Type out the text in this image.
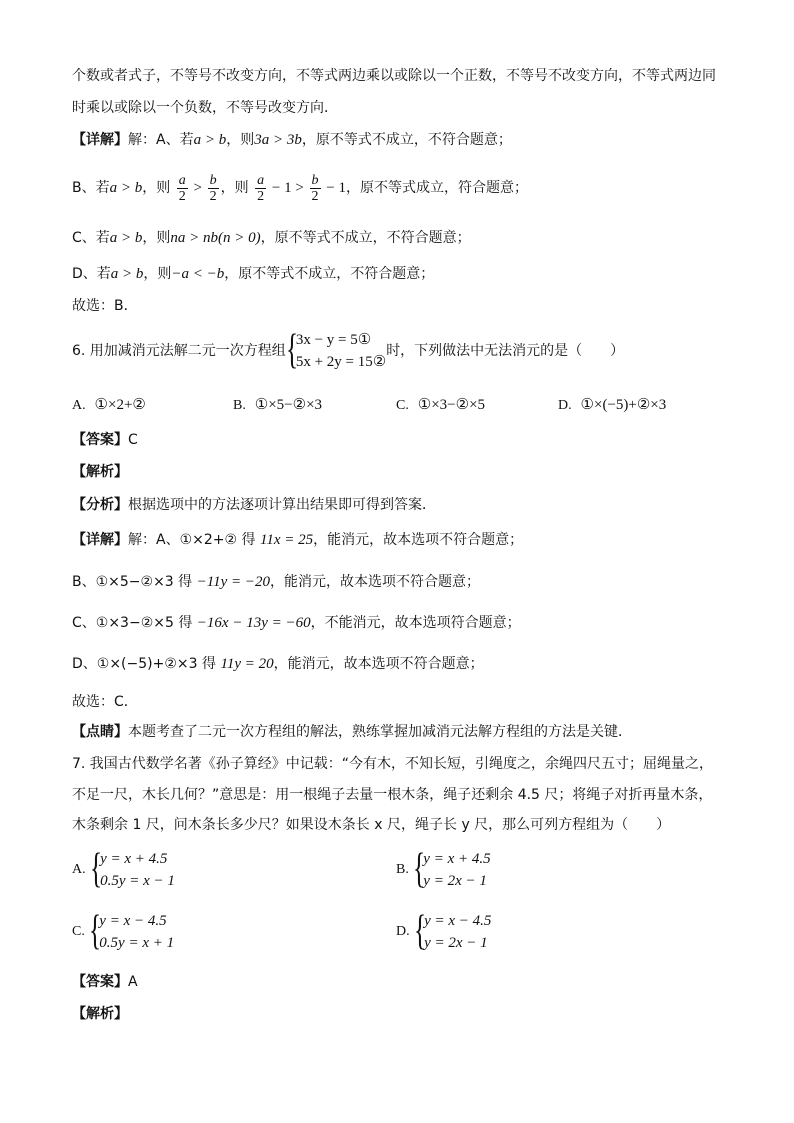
个数或者式子，不等号不改变方向，不等式两边乘以或除以一个正数，不等号不改变方向，不等式两边同
时乘以或除以一个负数，不等号改变方向．
【详解】解：A、若a > b，则3a > 3b，原不等式不成立，不符合题意；
B、若a > b，则 $\frac{a}{2} > \frac{b}{2}$ ，则 $\frac{a}{2} - 1 > \frac{b}{2} - 1$，原不等式成立，符合题意；
C、若a > b，则na > nb(n > 0)，原不等式不成立，不符合题意；
D、若a > b，则−a < −b，原不等式不成立，不符合题意；
故选：B．
6. 用加减消元法解二元一次方程组 {
3x − y = 5①
5x + 2y = 15②
时，下列做法中无法消元的是（　　）
A. ①×2+②	B. ①×5−②×3	C. ①×3−②×5	D. ①×(−5)+②×3
【答案】C
【解析】
【分析】根据选项中的方法逐项计算出结果即可得到答案．
【详解】解：A、①×2+② 得 11x = 25，能消元，故本选项不符合题意；
B、①×5−②×3 得 −11y = −20，能消元，故本选项不符合题意；
C、①×3−②×5 得 −16x − 13y = −60，不能消元，故本选项符合题意；
D、①×(−5)+②×3 得 11y = 20，能消元，故本选项不符合题意；
故选：C．
【点睛】本题考查了二元一次方程组的解法，熟练掌握加减消元法解方程组的方法是关键．
7. 我国古代数学名著《孙子算经》中记载：“今有木，不知长短，引绳度之，余绳四尺五寸；屈绳量之，
不足一尺，木长几何？”意思是：用一根绳子去量一根木条，绳子还剩余 4.5 尺；将绳子对折再量木条，
木条剩余 1 尺，问木条长多少尺？如果设木条长 x 尺，绳子长 y 尺，那么可列方程组为（　　）
A. {
y = x + 4.5
0.5y = x − 1
B. {
y = x + 4.5
y = 2x − 1
C. {
y = x − 4.5
0.5y = x + 1
D. {
y = x − 4.5
y = 2x − 1
【答案】A
【解析】
